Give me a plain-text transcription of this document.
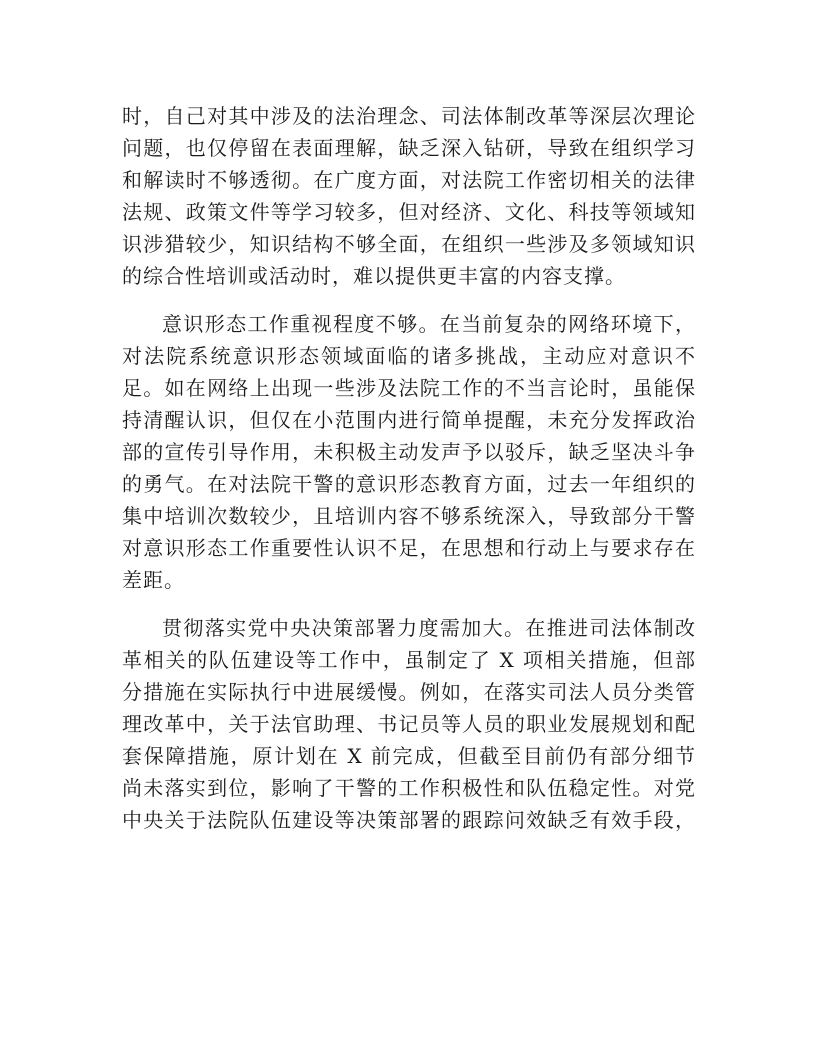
时，自己对其中涉及的法治理念、司法体制改革等深层次理论
问题，也仅停留在表面理解，缺乏深入钻研，导致在组织学习
和解读时不够透彻。在广度方面，对法院工作密切相关的法律
法规、政策文件等学习较多，但对经济、文化、科技等领域知
识涉猎较少，知识结构不够全面，在组织一些涉及多领域知识
的综合性培训或活动时，难以提供更丰富的内容支撑。
意识形态工作重视程度不够。在当前复杂的网络环境下，
对法院系统意识形态领域面临的诸多挑战，主动应对意识不
足。如在网络上出现一些涉及法院工作的不当言论时，虽能保
持清醒认识，但仅在小范围内进行简单提醒，未充分发挥政治
部的宣传引导作用，未积极主动发声予以驳斥，缺乏坚决斗争
的勇气。在对法院干警的意识形态教育方面，过去一年组织的
集中培训次数较少，且培训内容不够系统深入，导致部分干警
对意识形态工作重要性认识不足，在思想和行动上与要求存在
差距。
贯彻落实党中央决策部署力度需加大。在推进司法体制改
革相关的队伍建设等工作中，虽制定了 X 项相关措施，但部
分措施在实际执行中进展缓慢。例如，在落实司法人员分类管
理改革中，关于法官助理、书记员等人员的职业发展规划和配
套保障措施，原计划在 X 前完成，但截至目前仍有部分细节
尚未落实到位，影响了干警的工作积极性和队伍稳定性。对党
中央关于法院队伍建设等决策部署的跟踪问效缺乏有效手段，
